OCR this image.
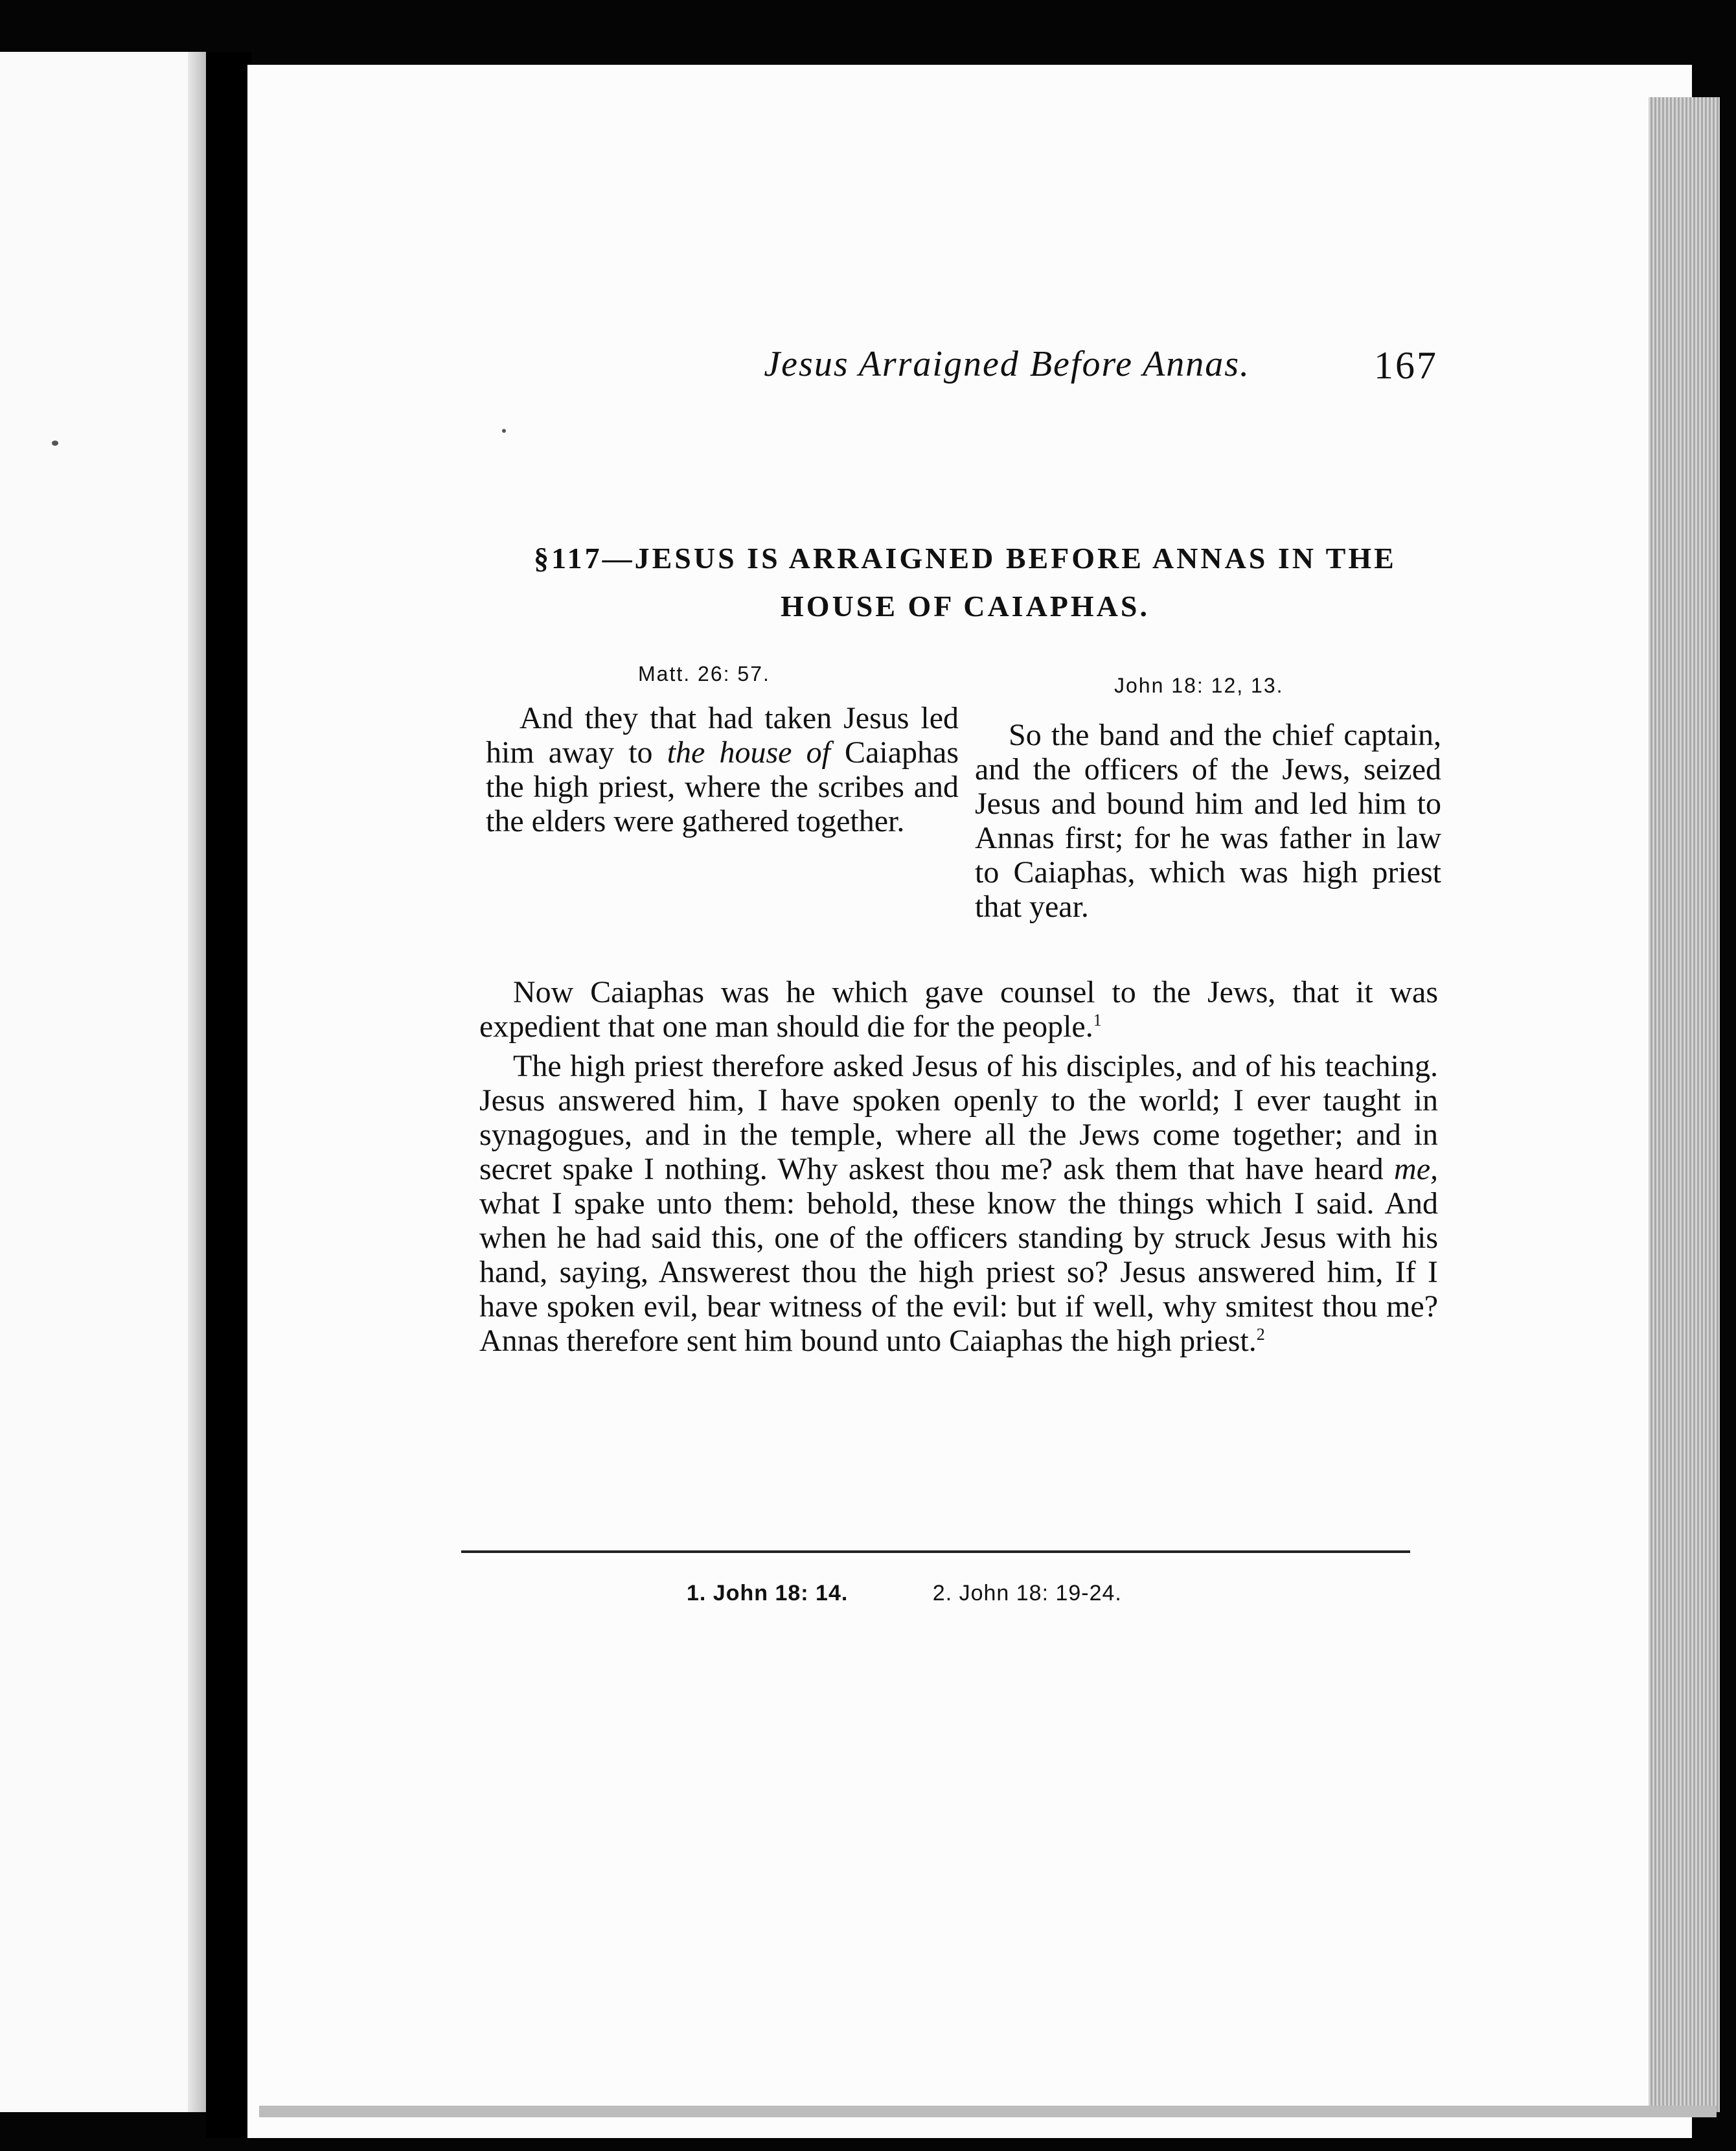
Jesus Arraigned Before Annas.	167
§117—JESUS IS ARRAIGNED BEFORE ANNAS IN THE
HOUSE OF CAIAPHAS.
Matt. 26: 57.	John 18: 12, 13.

And they that had taken Jesus led him away to the house of Caiaphas the high priest, where the scribes and the elders were gathered together.

So the band and the chief captain, and the officers of the Jews, seized Jesus and bound him and led him to Annas first; for he was father in law to Caiaphas, which was high priest that year.

Now Caiaphas was he which gave counsel to the Jews, that it was expedient that one man should die for the people.$^1$

The high priest therefore asked Jesus of his disciples, and of his teaching. Jesus answered him, I have spoken openly to the world; I ever taught in synagogues, and in the temple, where all the Jews come together; and in secret spake I nothing. Why askest thou me? ask them that have heard me, what I spake unto them: behold, these know the things which I said. And when he had said this, one of the officers standing by struck Jesus with his hand, saying, Answerest thou the high priest so? Jesus answered him, If I have spoken evil, bear witness of the evil: but if well, why smitest thou me? Annas therefore sent him bound unto Caiaphas the high priest.$^2$

1. John 18: 14.	2. John 18: 19-24.
